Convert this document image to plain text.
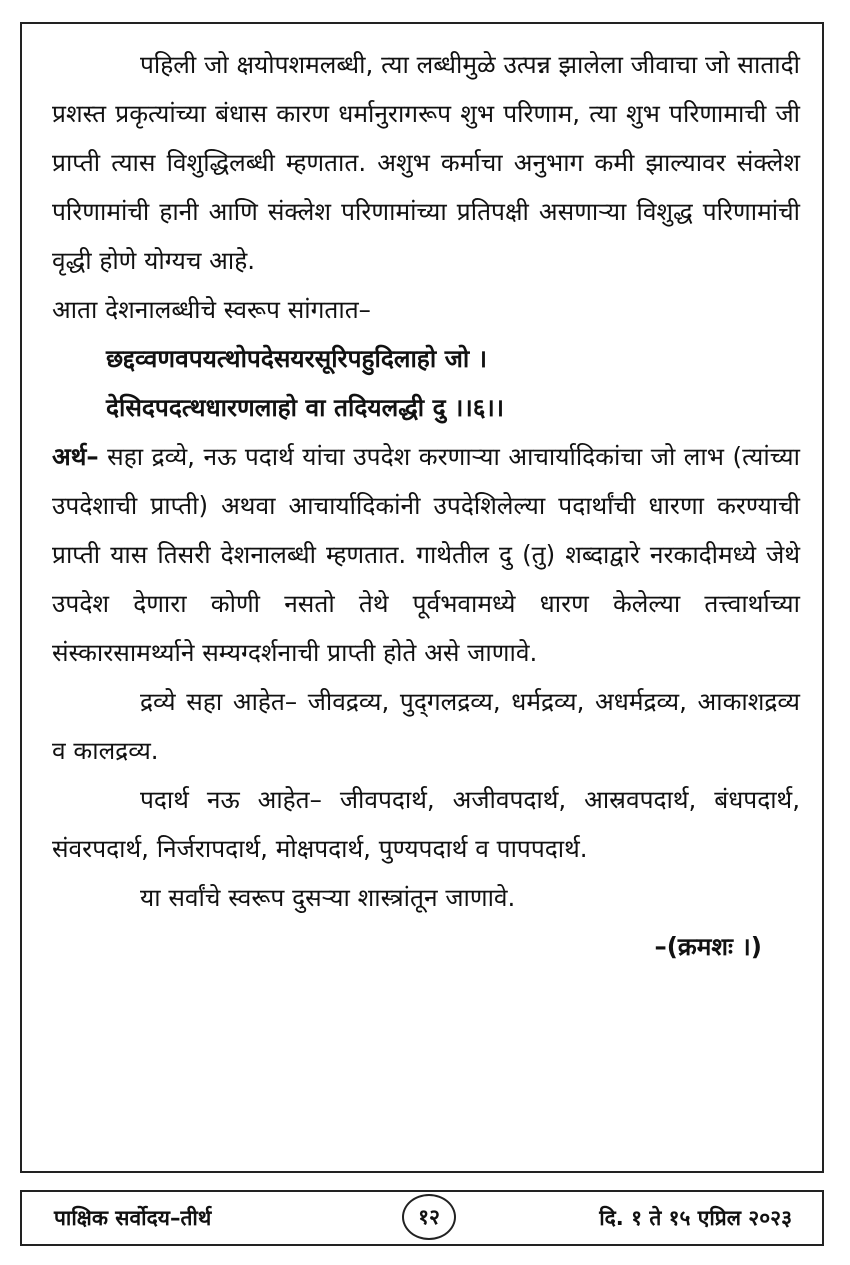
पहिली जो क्षयोपशमलब्धी, त्या लब्धीमुळे उत्पन्न झालेला जीवाचा जो सातादी प्रशस्त प्रकृत्यांच्या बंधास कारण धर्मानुरागरूप शुभ परिणाम, त्या शुभ परिणामाची जी प्राप्ती त्यास विशुद्धिलब्धी म्हणतात. अशुभ कर्माचा अनुभाग कमी झाल्यावर संक्लेश परिणामांची हानी आणि संक्लेश परिणामांच्या प्रतिपक्षी असणाऱ्या विशुद्ध परिणामांची वृद्धी होणे योग्यच आहे.

आता देशनालब्धीचे स्वरूप सांगतात–

छद्दव्वणवपयत्थोपदेसयरसूरिपहुदिलाहो जो ।

देसिदपदत्थधारणलाहो वा तदियलद्धी दु ।।६।।

अर्थ– सहा द्रव्ये, नऊ पदार्थ यांचा उपदेश करणाऱ्या आचार्यादिकांचा जो लाभ (त्यांच्या उपदेशाची प्राप्ती) अथवा आचार्यादिकांनी उपदेशिलेल्या पदार्थांची धारणा करण्याची प्राप्ती यास तिसरी देशनालब्धी म्हणतात. गाथेतील दु (तु) शब्दाद्वारे नरकादीमध्ये जेथे उपदेश देणारा कोणी नसतो तेथे पूर्वभवामध्ये धारण केलेल्या तत्त्वार्थाच्या संस्कारसामर्थ्याने सम्यग्दर्शनाची प्राप्ती होते असे जाणावे.

द्रव्ये सहा आहेत– जीवद्रव्य, पुद्‌गलद्रव्य, धर्मद्रव्य, अधर्मद्रव्य, आकाशद्रव्य व कालद्रव्य.

पदार्थ नऊ आहेत– जीवपदार्थ, अजीवपदार्थ, आस्रवपदार्थ, बंधपदार्थ, संवरपदार्थ, निर्जरापदार्थ, मोक्षपदार्थ, पुण्यपदार्थ व पापपदार्थ.

या सर्वांचे स्वरूप दुसऱ्या शास्त्रांतून जाणावे.

–(क्रमशः ।)

पाक्षिक सर्वोदय–तीर्थ	१२	दि. १ ते १५ एप्रिल २०२३
